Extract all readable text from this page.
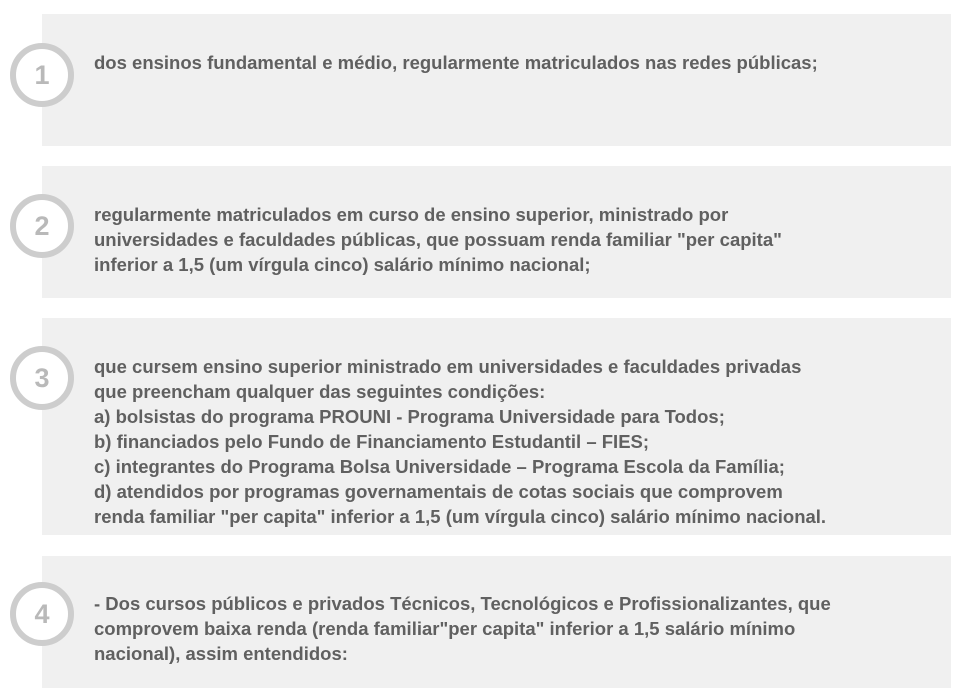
1	dos ensinos fundamental e médio, regularmente matriculados nas redes públicas;

2	regularmente matriculados em curso de ensino superior, ministrado por
universidades e faculdades públicas, que possuam renda familiar "per capita"
inferior a 1,5 (um vírgula cinco) salário mínimo nacional;

3	que cursem ensino superior ministrado em universidades e faculdades privadas
que preencham qualquer das seguintes condições:
a) bolsistas do programa PROUNI - Programa Universidade para Todos;
b) financiados pelo Fundo de Financiamento Estudantil – FIES;
c) integrantes do Programa Bolsa Universidade – Programa Escola da Família;
d) atendidos por programas governamentais de cotas sociais que comprovem
renda familiar "per capita" inferior a 1,5 (um vírgula cinco) salário mínimo nacional.

4	- Dos cursos públicos e privados Técnicos, Tecnológicos e Profissionalizantes, que
comprovem baixa renda (renda familiar"per capita" inferior a 1,5 salário mínimo
nacional), assim entendidos:
